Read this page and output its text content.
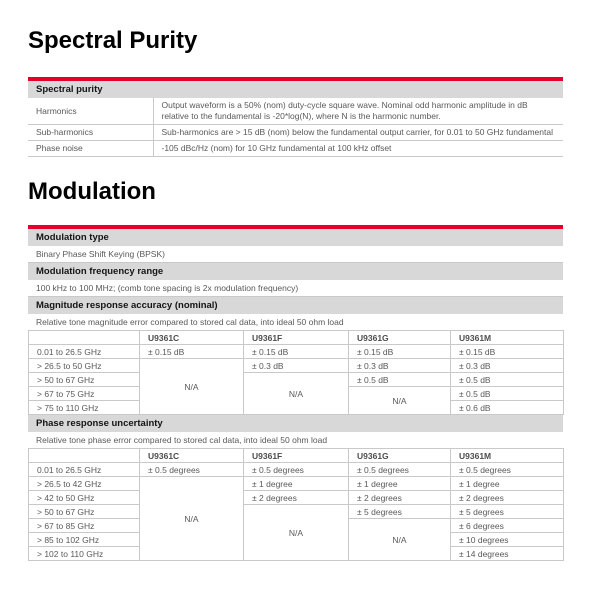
Spectral Purity
Spectral purity
Harmonics	Output waveform is a 50% (nom) duty-cycle square wave. Nominal odd harmonic amplitude in dB relative to the fundamental is -20*log(N), where N is the harmonic number.
Sub-harmonics	Sub-harmonics are > 15 dB (nom) below the fundamental output carrier, for 0.01 to 50 GHz fundamental
Phase noise	-105 dBc/Hz (nom) for 10 GHz fundamental at 100 kHz offset
Modulation
Modulation type
Binary Phase Shift Keying (BPSK)
Modulation frequency range
100 kHz to 100 MHz; (comb tone spacing is 2x modulation frequency)
Magnitude response accuracy (nominal)
Relative tone magnitude error compared to stored cal data, into ideal 50 ohm load
	U9361C	U9361F	U9361G	U9361M
0.01 to 26.5 GHz	± 0.15 dB	± 0.15 dB	± 0.15 dB	± 0.15 dB
> 26.5 to 50 GHz	N/A	± 0.3 dB	± 0.3 dB	± 0.3 dB
> 50 to 67 GHz		N/A	± 0.5 dB	± 0.5 dB
> 67 to 75 GHz			N/A	± 0.5 dB
> 75 to 110 GHz				± 0.6 dB
Phase response uncertainty
Relative tone phase error compared to stored cal data, into ideal 50 ohm load
	U9361C	U9361F	U9361G	U9361M
0.01 to 26.5 GHz	± 0.5 degrees	± 0.5 degrees	± 0.5 degrees	± 0.5 degrees
> 26.5 to 42 GHz	N/A	± 1 degree	± 1 degree	± 1 degree
> 42 to 50 GHz		± 2 degrees	± 2 degrees	± 2 degrees
> 50 to 67 GHz		N/A	± 5 degrees	± 5 degrees
> 67 to 85 GHz			N/A	± 6 degrees
> 85 to 102 GHz				± 10 degrees
> 102 to 110 GHz				± 14 degrees
